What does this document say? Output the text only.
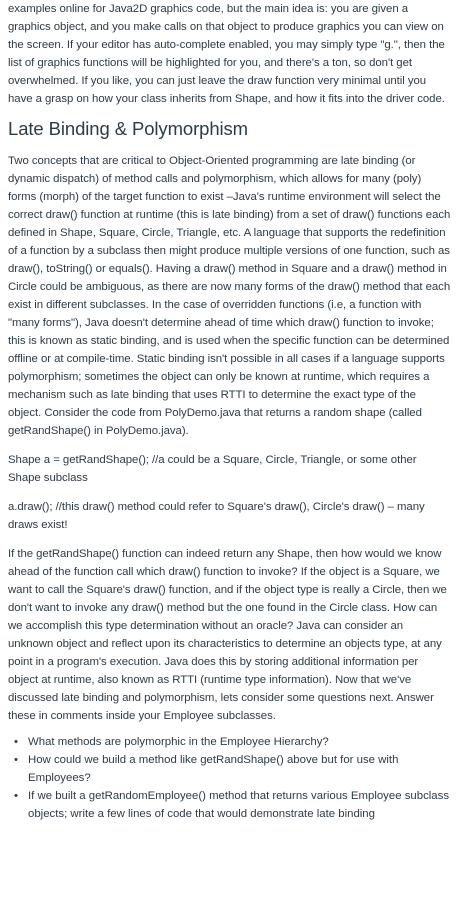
examples online for Java2D graphics code, but the main idea is: you are given a graphics object, and you make calls on that object to produce graphics you can view on the screen. If your editor has auto-complete enabled, you may simply type "g.", then the list of graphics functions will be highlighted for you, and there's a ton, so don't get overwhelmed. If you like, you can just leave the draw function very minimal until you have a grasp on how your class inherits from Shape, and how it fits into the driver code.

Late Binding & Polymorphism

Two concepts that are critical to Object-Oriented programming are late binding (or dynamic dispatch) of method calls and polymorphism, which allows for many (poly) forms (morph) of the target function to exist –Java's runtime environment will select the correct draw() function at runtime (this is late binding) from a set of draw() functions each defined in Shape, Square, Circle, Triangle, etc. A language that supports the redefinition of a function by a subclass then might produce multiple versions of one function, such as draw(), toString() or equals(). Having a draw() method in Square and a draw() method in Circle could be ambiguous, as there are now many forms of the draw() method that each exist in different subclasses. In the case of overridden functions (i.e, a function with "many forms"), Java doesn't determine ahead of time which draw() function to invoke; this is known as static binding, and is used when the specific function can be determined offline or at compile-time. Static binding isn't possible in all cases if a language supports polymorphism; sometimes the object can only be known at runtime, which requires a mechanism such as late binding that uses RTTI to determine the exact type of the object. Consider the code from PolyDemo.java that returns a random shape (called getRandShape() in PolyDemo.java).

Shape a = getRandShape(); //a could be a Square, Circle, Triangle, or some other Shape subclass

a.draw(); //this draw() method could refer to Square's draw(), Circle's draw() – many draws exist!

If the getRandShape() function can indeed return any Shape, then how would we know ahead of the function call which draw() function to invoke? If the object is a Square, we want to call the Square's draw() function, and if the object type is really a Circle, then we don't want to invoke any draw() method but the one found in the Circle class. How can we accomplish this type determination without an oracle? Java can consider an unknown object and reflect upon its characteristics to determine an objects type, at any point in a program's execution. Java does this by storing additional information per object at runtime, also known as RTTI (runtime type information). Now that we've discussed late binding and polymorphism, lets consider some questions next. Answer these in comments inside your Employee subclasses.

• What methods are polymorphic in the Employee Hierarchy?
• How could we build a method like getRandShape() above but for use with Employees?
• If we built a getRandomEmployee() method that returns various Employee subclass objects; write a few lines of code that would demonstrate late binding
